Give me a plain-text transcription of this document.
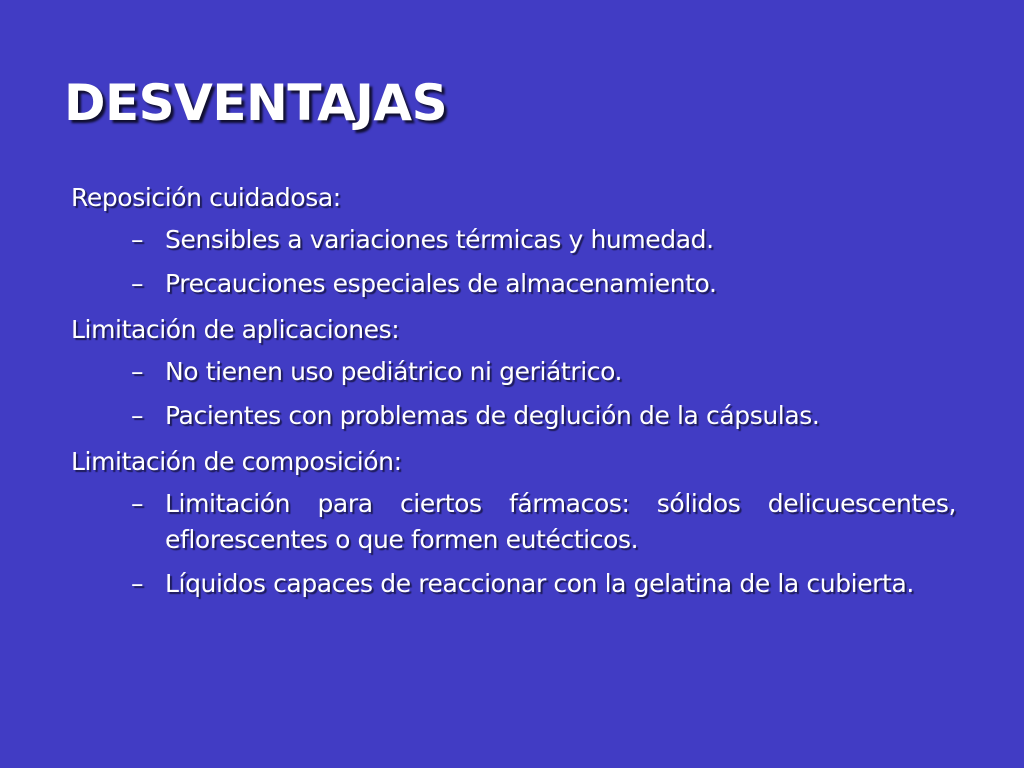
DESVENTAJAS
Reposición cuidadosa:
– Sensibles a variaciones térmicas y humedad.
– Precauciones especiales de almacenamiento.
Limitación de aplicaciones:
– No tienen uso pediátrico ni geriátrico.
– Pacientes con problemas de deglución de la cápsulas.
Limitación de composición:
– Limitación para ciertos fármacos: sólidos delicuescentes, eflorescentes o que formen eutécticos.
– Líquidos capaces de reaccionar con la gelatina de la cubierta.
